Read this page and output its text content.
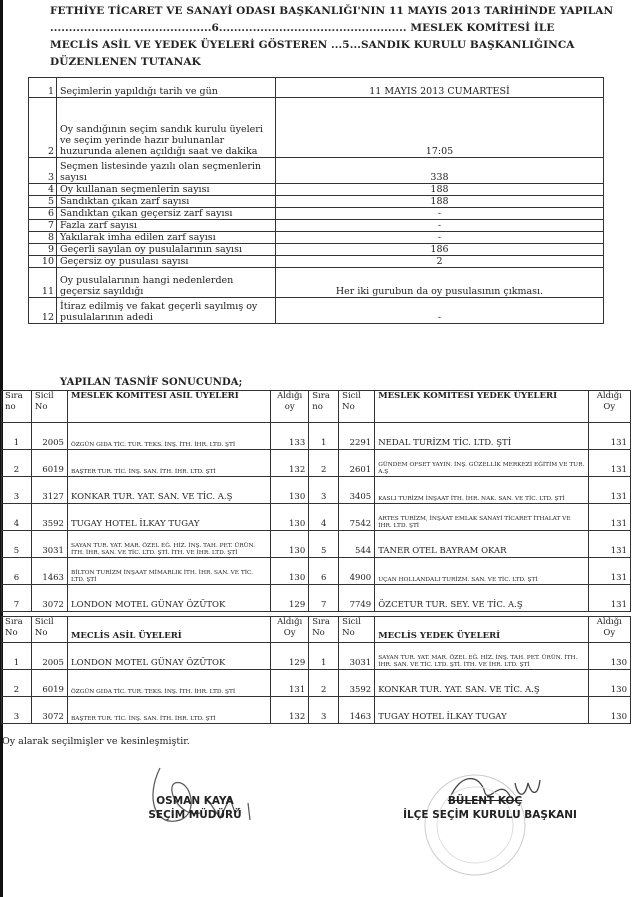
FETHİYE TİCARET VE SANAYİ ODASI BAŞKANLIĞI'NIN 11 MAYIS 2013 TARİHİNDE YAPILAN
...........................................6.................................................. MESLEK KOMİTESİ İLE
MECLİS ASİL VE YEDEK ÜYELERİ GÖSTEREN ...5...SANDIK KURULU BAŞKANLIĞINCA
DÜZENLENEN TUTANAK
1	Seçimlerin yapıldığı tarih ve gün	11 MAYIS 2013 CUMARTESİ
2	Oy sandığının seçim sandık kurulu üyeleri ve seçim yerinde hazır bulunanlar huzurunda alenen açıldığı saat ve dakika	17:05
3	Seçmen listesinde yazılı olan seçmenlerin sayısı	338
4	Oy kullanan seçmenlerin sayısı	188
5	Sandıktan çıkan zarf sayısı	188
6	Sandıktan çıkan geçersiz zarf sayısı	-
7	Fazla zarf sayısı	-
8	Yakılarak imha edilen zarf sayısı	-
9	Geçerli sayılan oy pusulalarının sayısı	186
10	Geçersiz oy pusulası sayısı	2
11	Oy pusulalarının hangi nedenlerden geçersiz sayıldığı	Her iki gurubun da oy pusulasının çıkması.
12	İtiraz edilmiş ve fakat geçerli sayılmış oy pusulalarının adedi	-
YAPILAN TASNİF SONUCUNDA;
Sıra no	Sicil No	MESLEK KOMİTESİ ASİL ÜYELERİ	Aldığı oy	Sıra no	Sicil No	MESLEK KOMİTESİ YEDEK ÜYELERİ	Aldığı Oy
1	2005	ÖZGÜN GIDA TİC. TUR. TEKS. İNŞ. İTH. İHR. LTD. ŞTİ	133	1	2291	NEDAL TURİZM TİC. LTD. ŞTİ	131
2	6019	BAŞTER TUR. TİC. İNŞ. SAN. İTH. İHR. LTD. ŞTİ	132	2	2601	GÜNDEM OFSET YAYIN. İNŞ. GÜZELLİK MERKEZİ EĞİTİM VE TUR. A.Ş	131
3	3127	KONKAR TUR. YAT. SAN. VE TİC. A.Ş	130	3	3405	KASLI TURİZM İNŞAAT İTH. İHR. NAK. SAN. VE TİC. LTD. ŞTİ	131
4	3592	TUGAY HOTEL İLKAY TUGAY	130	4	7542	ARTES TURİZM, İNŞAAT EMLAK SANAYİ TİCARET İTHALAT VE İHR. LTD. ŞTİ	131
5	3031	SAYAN TUR. YAT. MAR. ÖZEL EĞ. HİZ. İNŞ. TAH. PET. ÜRÜN. İTH. İHR. SAN. VE TİC. LTD. ŞTİ. İTH. VE İHR. LTD. ŞTİ	130	5	544	TANER OTEL BAYRAM OKAR	131
6	1463	BİLTON TURİZM İNŞAAT MİMARLIK İTH. İHR. SAN. VE TİC. LTD. ŞTİ	130	6	4900	UÇAN HOLLANDALI TURİZM. SAN. VE TİC. LTD. ŞTİ	131
7	3072	LONDON MOTEL GÜNAY ÖZÜTOK	129	7	7749	ÖZCETUR TUR. SEY. VE TİC. A.Ş	131
Sıra No	Sicil No	MECLİS ASİL ÜYELERİ	Aldığı Oy	Sıra No	Sicil No	MECLİS YEDEK ÜYELERİ	Aldığı Oy
1	2005	LONDON MOTEL GÜNAY ÖZÜTOK	129	1	3031	SAYAN TUR. YAT. MAR. ÖZEL EĞ. HİZ. İNŞ. TAH. PET. ÜRÜN. İTH. İHR. SAN. VE TİC. LTD. ŞTİ. İTH. VE İHR. LTD. ŞTİ	130
2	6019	ÖZGÜN GIDA TİC. TUR. TEKS. İNŞ. İTH. İHR. LTD. ŞTİ	131	2	3592	KONKAR TUR. YAT. SAN. VE TİC. A.Ş	130
3	3072	BAŞTER TUR. TİC. İNŞ. SAN. İTH. İHR. LTD. ŞTİ	132	3	1463	TUGAY HOTEL İLKAY TUGAY	130
Oy alarak seçilmişler ve kesinleşmiştir.
OSMAN KAYA
SEÇİM MÜDÜRÜ
BÜLENT KOÇ
İLÇE SEÇİM KURULU BAŞKANI
